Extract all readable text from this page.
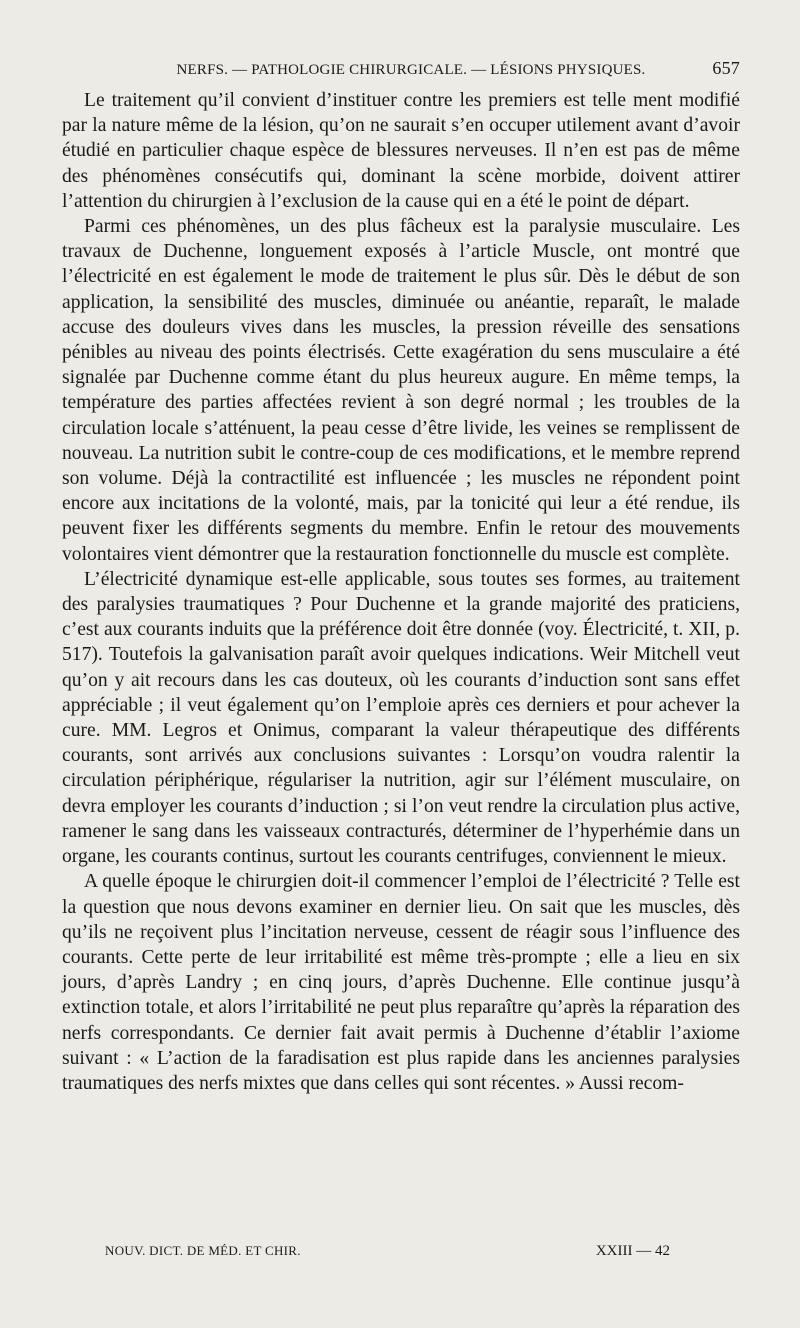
NERFS. — PATHOLOGIE CHIRURGICALE. — LÉSIONS PHYSIQUES.	657

Le traitement qu’il convient d’instituer contre les premiers est telle ment modifié par la nature même de la lésion, qu’on ne saurait s’en occuper utilement avant d’avoir étudié en particulier chaque espèce de blessures nerveuses. Il n’en est pas de même des phénomènes consécutifs qui, dominant la scène morbide, doivent attirer l’attention du chirurgien à l’exclusion de la cause qui en a été le point de départ.

Parmi ces phénomènes, un des plus fâcheux est la paralysie musculaire. Les travaux de Duchenne, longuement exposés à l’article Muscle, ont montré que l’électricité en est également le mode de traitement le plus sûr. Dès le début de son application, la sensibilité des muscles, diminuée ou anéantie, reparaît, le malade accuse des douleurs vives dans les muscles, la pression réveille des sensations pénibles au niveau des points électrisés. Cette exagération du sens musculaire a été signalée par Duchenne comme étant du plus heureux augure. En même temps, la température des parties affectées revient à son degré normal ; les troubles de la circulation locale s’atténuent, la peau cesse d’être livide, les veines se remplissent de nouveau. La nutrition subit le contre-coup de ces modifications, et le membre reprend son volume. Déjà la contractilité est influencée ; les muscles ne répondent point encore aux incitations de la volonté, mais, par la tonicité qui leur a été rendue, ils peuvent fixer les différents segments du membre. Enfin le retour des mouvements volontaires vient démontrer que la restauration fonctionnelle du muscle est complète.

L’électricité dynamique est-elle applicable, sous toutes ses formes, au traitement des paralysies traumatiques ? Pour Duchenne et la grande majorité des praticiens, c’est aux courants induits que la préférence doit être donnée (voy. Électricité, t. XII, p. 517). Toutefois la galvanisation paraît avoir quelques indications. Weir Mitchell veut qu’on y ait recours dans les cas douteux, où les courants d’induction sont sans effet appréciable ; il veut également qu’on l’emploie après ces derniers et pour achever la cure. MM. Legros et Onimus, comparant la valeur thérapeutique des différents courants, sont arrivés aux conclusions suivantes : Lorsqu’on voudra ralentir la circulation périphérique, régulariser la nutrition, agir sur l’élément musculaire, on devra employer les courants d’induction ; si l’on veut rendre la circulation plus active, ramener le sang dans les vaisseaux contracturés, déterminer de l’hyperhémie dans un organe, les courants continus, surtout les courants centrifuges, conviennent le mieux.

A quelle époque le chirurgien doit-il commencer l’emploi de l’électricité ? Telle est la question que nous devons examiner en dernier lieu. On sait que les muscles, dès qu’ils ne reçoivent plus l’incitation nerveuse, cessent de réagir sous l’influence des courants. Cette perte de leur irritabilité est même très-prompte ; elle a lieu en six jours, d’après Landry ; en cinq jours, d’après Duchenne. Elle continue jusqu’à extinction totale, et alors l’irritabilité ne peut plus reparaître qu’après la réparation des nerfs correspondants. Ce dernier fait avait permis à Duchenne d’établir l’axiome suivant : « L’action de la faradisation est plus rapide dans les anciennes paralysies traumatiques des nerfs mixtes que dans celles qui sont récentes. » Aussi recom-

NOUV. DICT. DE MÉD. ET CHIR.	XXIII — 42
